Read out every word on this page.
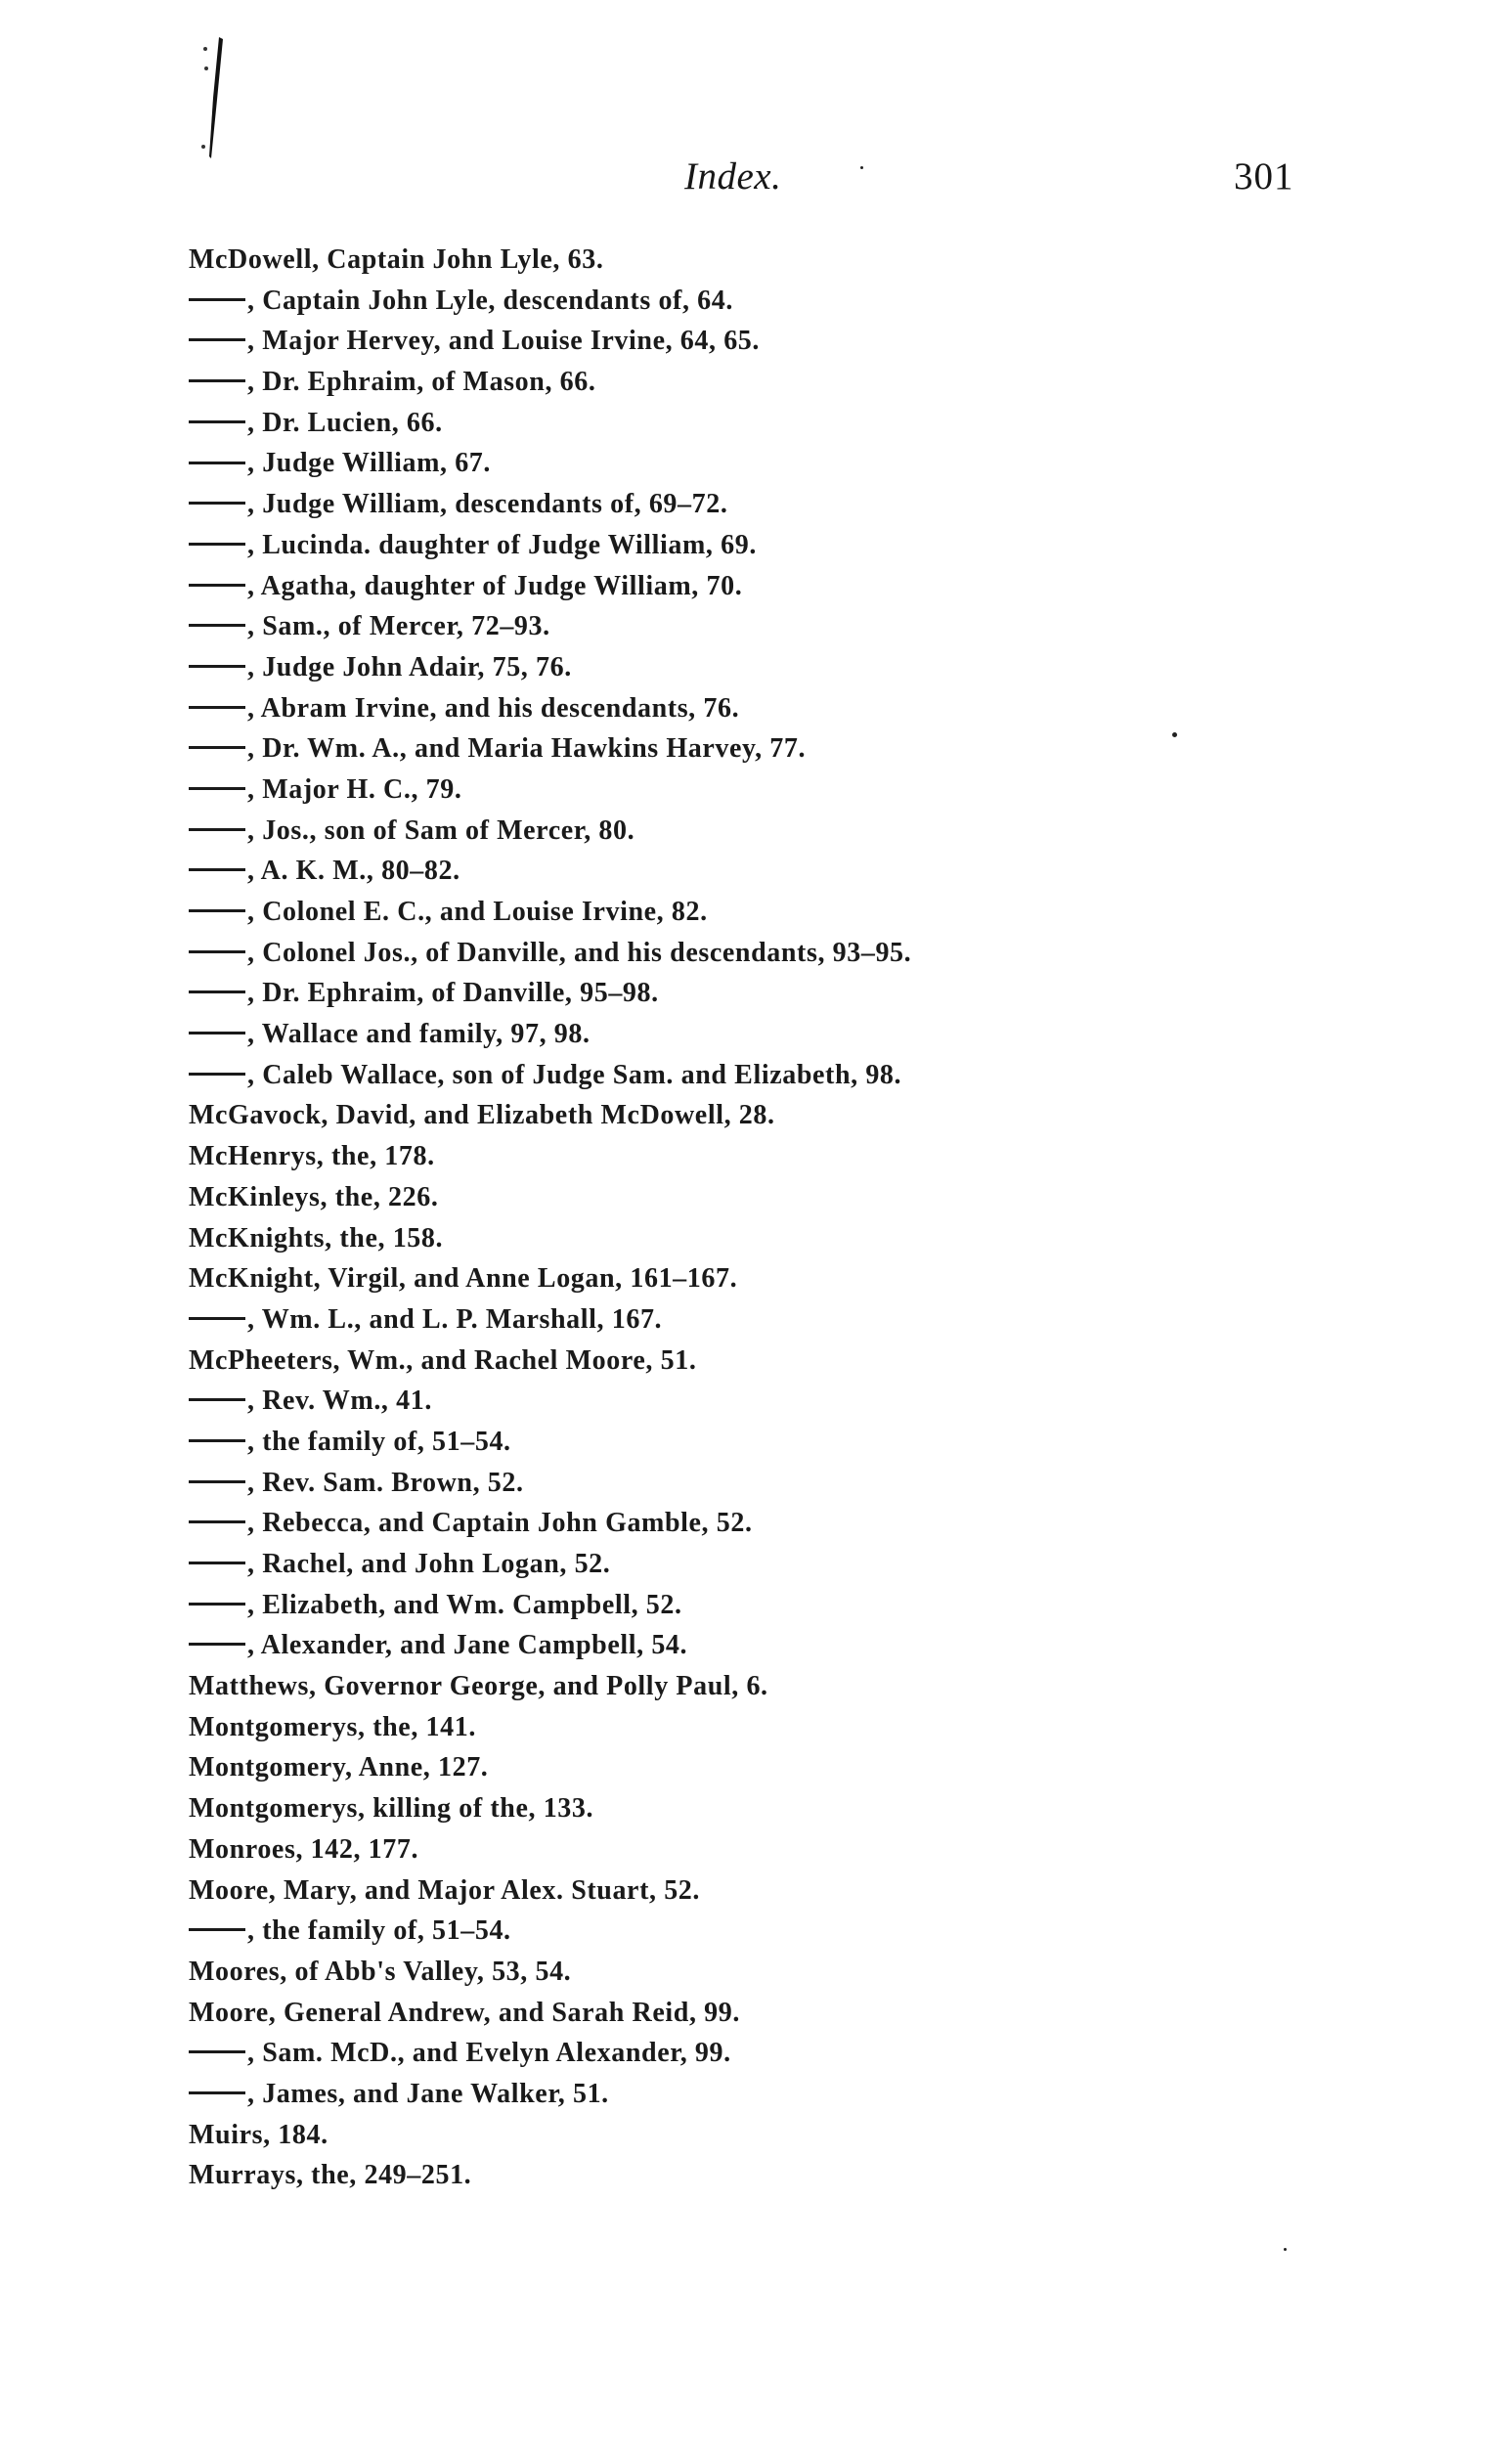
Index.	301
McDowell, Captain John Lyle, 63.
, Captain John Lyle, descendants of, 64.
, Major Hervey, and Louise Irvine, 64, 65.
, Dr. Ephraim, of Mason, 66.
, Dr. Lucien, 66.
, Judge William, 67.
, Judge William, descendants of, 69–72.
, Lucinda. daughter of Judge William, 69.
, Agatha, daughter of Judge William, 70.
, Sam., of Mercer, 72–93.
, Judge John Adair, 75, 76.
, Abram Irvine, and his descendants, 76.
, Dr. Wm. A., and Maria Hawkins Harvey, 77.
, Major H. C., 79.
, Jos., son of Sam of Mercer, 80.
, A. K. M., 80–82.
, Colonel E. C., and Louise Irvine, 82.
, Colonel Jos., of Danville, and his descendants, 93–95.
, Dr. Ephraim, of Danville, 95–98.
, Wallace and family, 97, 98.
, Caleb Wallace, son of Judge Sam. and Elizabeth, 98.
McGavock, David, and Elizabeth McDowell, 28.
McHenrys, the, 178.
McKinleys, the, 226.
McKnights, the, 158.
McKnight, Virgil, and Anne Logan, 161–167.
, Wm. L., and L. P. Marshall, 167.
McPheeters, Wm., and Rachel Moore, 51.
, Rev. Wm., 41.
, the family of, 51–54.
, Rev. Sam. Brown, 52.
, Rebecca, and Captain John Gamble, 52.
, Rachel, and John Logan, 52.
, Elizabeth, and Wm. Campbell, 52.
, Alexander, and Jane Campbell, 54.
Matthews, Governor George, and Polly Paul, 6.
Montgomerys, the, 141.
Montgomery, Anne, 127.
Montgomerys, killing of the, 133.
Monroes, 142, 177.
Moore, Mary, and Major Alex. Stuart, 52.
, the family of, 51–54.
Moores, of Abb's Valley, 53, 54.
Moore, General Andrew, and Sarah Reid, 99.
, Sam. McD., and Evelyn Alexander, 99.
, James, and Jane Walker, 51.
Muirs, 184.
Murrays, the, 249–251.
